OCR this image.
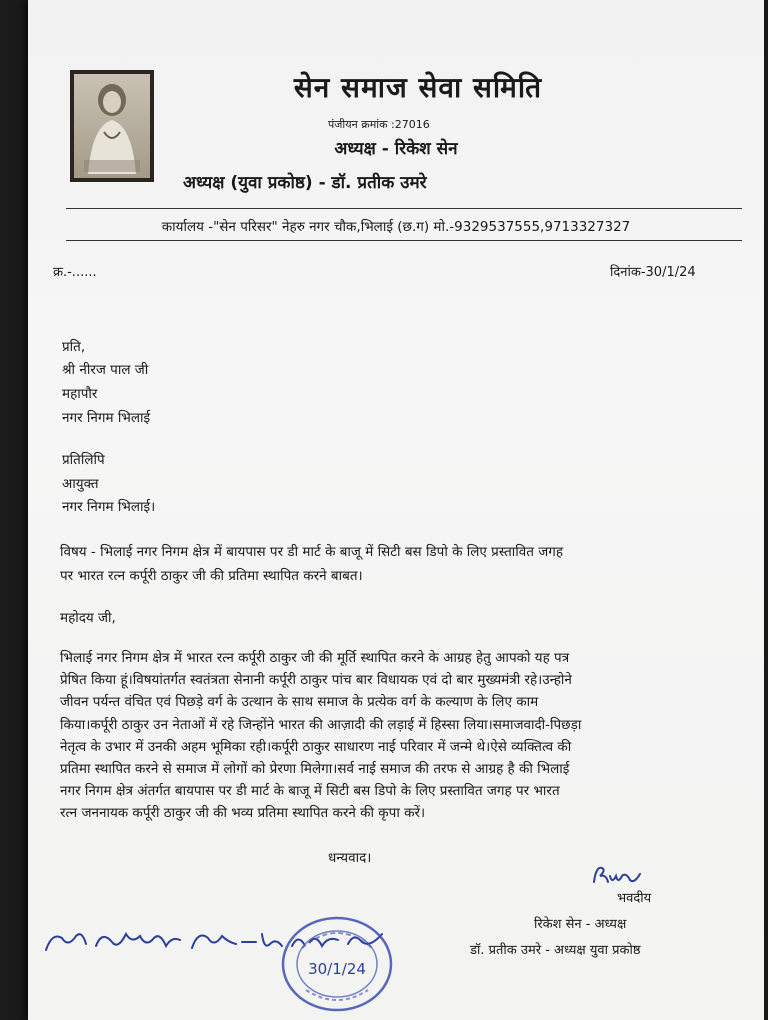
सेन समाज सेवा समिति
पंजीयन क्रमांक :27016
अध्यक्ष - रिकेश सेन
अध्यक्ष (युवा प्रकोष्ठ) - डॉ. प्रतीक उमरे
कार्यालय -"सेन परिसर" नेहरु नगर चौक,भिलाई (छ.ग) मो.-9329537555,9713327327
क्र.-......	दिनांक-30/1/24
प्रति,
श्री नीरज पाल जी
महापौर
नगर निगम भिलाई
प्रतिलिपि
आयुक्त
नगर निगम भिलाई।
विषय - भिलाई नगर निगम क्षेत्र में बायपास पर डी मार्ट के बाजू में सिटी बस डिपो के लिए प्रस्तावित जगह
पर भारत रत्न कर्पूरी ठाकुर जी की प्रतिमा स्थापित करने बाबत।
महोदय जी,
भिलाई नगर निगम क्षेत्र में भारत रत्न कर्पूरी ठाकुर जी की मूर्ति स्थापित करने के आग्रह हेतु आपको यह पत्र
प्रेषित किया हूं।विषयांतर्गत स्वतंत्रता सेनानी कर्पूरी ठाकुर पांच बार विधायक एवं दो बार मुख्यमंत्री रहे।उन्होने
जीवन पर्यन्त वंचित एवं पिछड़े वर्ग के उत्थान के साथ समाज के प्रत्येक वर्ग के कल्याण के लिए काम
किया।कर्पूरी ठाकुर उन नेताओं में रहे जिन्होंने भारत की आज़ादी की लड़ाई में हिस्सा लिया।समाजवादी-पिछड़ा
नेतृत्व के उभार में उनकी अहम भूमिका रही।कर्पूरी ठाकुर साधारण नाई परिवार में जन्मे थे।ऐसे व्यक्तित्व की
प्रतिमा स्थापित करने से समाज में लोगों को प्रेरणा मिलेगा।सर्व नाई समाज की तरफ से आग्रह है की भिलाई
नगर निगम क्षेत्र अंतर्गत बायपास पर डी मार्ट के बाजू में सिटी बस डिपो के लिए प्रस्तावित जगह पर भारत
रत्न जननायक कर्पूरी ठाकुर जी की भव्य प्रतिमा स्थापित करने की कृपा करें।
धन्यवाद।
भवदीय
रिकेश सेन - अध्यक्ष
डॉ. प्रतीक उमरे - अध्यक्ष युवा प्रकोष्ठ
30/1/24
